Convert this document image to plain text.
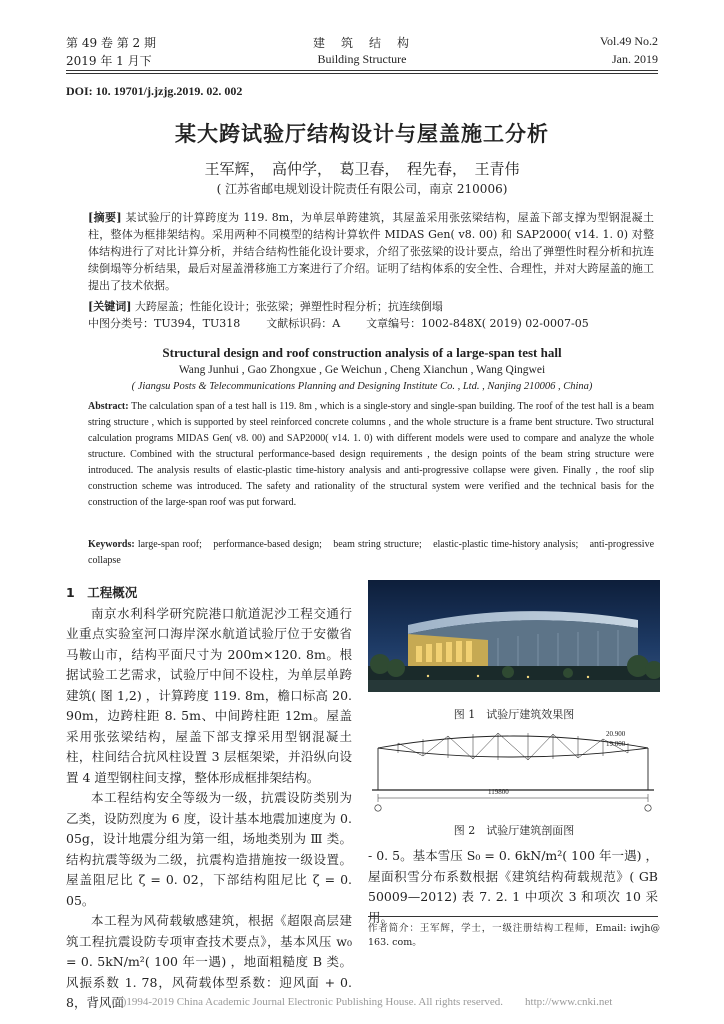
第 49 卷 第 2 期
2019 年 1 月下
建　筑　结　构
Building Structure
Vol.49 No.2
Jan. 2019
DOI: 10. 19701/j.jzjg.2019. 02. 002
某大跨试验厅结构设计与屋盖施工分析
王军辉，　高仲学，　葛卫春，　程先春，　王青伟
( 江苏省邮电规划设计院责任有限公司，南京 210006)
[摘要] 某试验厅的计算跨度为 119. 8m，为单层单跨建筑，其屋盖采用张弦梁结构，屋盖下部支撑为型钢混凝土柱，整体为框排架结构。采用两种不同模型的结构计算软件 MIDAS Gen( v8. 00) 和 SAP2000( v14. 1. 0) 对整体结构进行了对比计算分析，并结合结构性能化设计要求，介绍了张弦梁的设计要点，给出了弹塑性时程分析和抗连续倒塌等分析结果，最后对屋盖滑移施工方案进行了介绍。证明了结构体系的安全性、合理性，并对大跨屋盖的施工提出了技术依据。
[关键词] 大跨屋盖；性能化设计；张弦梁；弹塑性时程分析；抗连续倒塌
中图分类号：TU394，TU318 文献标识码：A 文章编号：1002-848X( 2019) 02-0007-05
Structural design and roof construction analysis of a large-span test hall
Wang Junhui , Gao Zhongxue , Ge Weichun , Cheng Xianchun , Wang Qingwei
( Jiangsu Posts & Telecommunications Planning and Designing Institute Co. , Ltd. , Nanjing 210006 , China)
Abstract: The calculation span of a test hall is 119. 8m , which is a single-story and single-span building. The roof of the test hall is a beam string structure , which is supported by steel reinforced concrete columns , and the whole structure is a frame bent structure. Two structural calculation programs MIDAS Gen( v8. 00) and SAP2000( v14. 1. 0) with different models were used to compare and analyze the whole structure. Combined with the structural performance-based design requirements , the design points of the beam string structure were introduced. The analysis results of elastic-plastic time-history analysis and anti-progressive collapse were given. Finally , the roof slip construction scheme was introduced. The safety and rationality of the structural system were verified and the technical basis for the construction of the large-span roof was put forward.
Keywords: large-span roof;　performance-based design;　beam string structure;　elastic-plastic time-history analysis;　anti-progressive collapse
1　工程概况

南京水利科学研究院港口航道泥沙工程交通行业重点实验室河口海岸深水航道试验厅位于安徽省马鞍山市，结构平面尺寸为 200m×120. 8m。根据试验工艺需求，试验厅中间不设柱，为单层单跨建筑( 图 1,2) ，计算跨度 119. 8m，檐口标高 20. 90m，边跨柱距 8. 5m、中间跨柱距 12m。屋盖采用张弦梁结构，屋盖下部支撑采用型钢混凝土柱，柱间结合抗风柱设置 3 层框架梁，并沿纵向设置 4 道型钢柱间支撑，整体形成框排架结构。

本工程结构安全等级为一级，抗震设防类别为乙类，设防烈度为 6 度，设计基本地震加速度为 0. 05g，设计地震分组为第一组，场地类别为 Ⅲ 类。结构抗震等级为二级，抗震构造措施按一级设置。屋盖阻尼比 ζ = 0. 02，下部结构阻尼比 ζ = 0. 05。

本工程为风荷载敏感建筑，根据《超限高层建筑工程抗震设防专项审查技术要点》，基本风压 w₀ = 0. 5kN/m²( 100 年一遇) ，地面粗糙度 B 类。风振系数 1. 78，风荷载体型系数：迎风面 + 0. 8，背风面

图 1　试验厅建筑效果图
119800
20.900
19.000
图 2　试验厅建筑剖面图
- 0. 5。基本雪压 S₀ = 0. 6kN/m²( 100 年一遇) ，屋面积雪分布系数根据《建筑结构荷载规范》( GB 50009—2012) 表 7. 2. 1 中项次 3 和项次 10 采用。
作者简介：王军辉，学士，一级注册结构工程师，Email: iwjh@ 163. com。
(C)1994-2019 China Academic Journal Electronic Publishing House. All rights reserved.　　http://www.cnki.net
